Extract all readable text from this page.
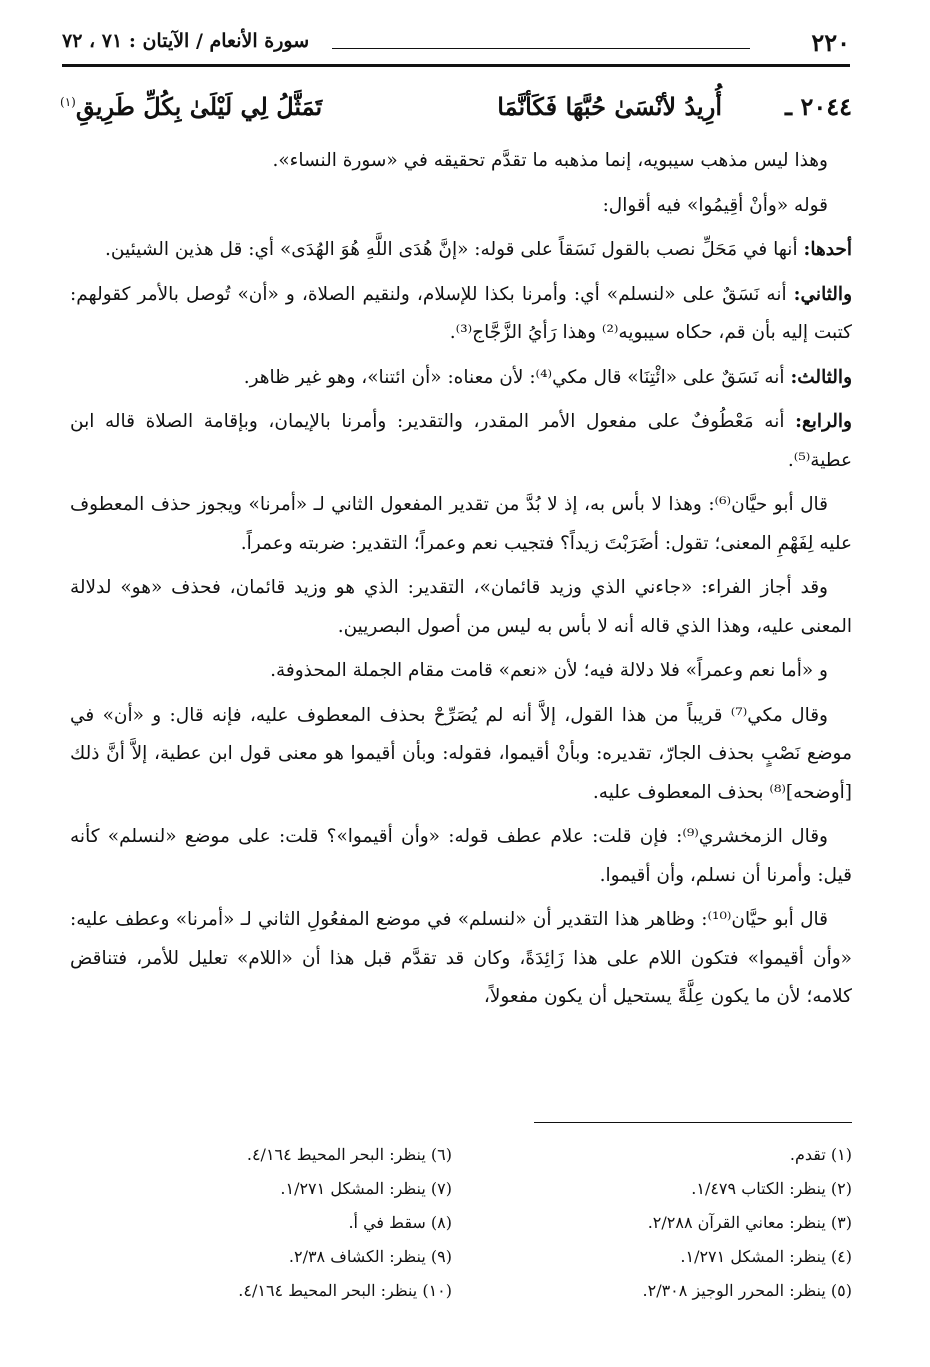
٢٢٠
سورة الأنعام / الآيتان : ٧١ ، ٧٢
٢٠٤٤ ـ
أُرِيدُ لأنْسَىٰ حُبَّهَا فَكَأنَّمَا
تَمَثَّلُ لِي لَيْلَىٰ بِكُلِّ طَرِيقِ$^{(١)}$

وهذا ليس مذهب سيبويه، إنما مذهبه ما تقدَّم تحقيقه في «سورة النساء».

قوله «وأنْ أقِيمُوا» فيه أقوال:

أحدها: أنها في مَحَلِّ نصب بالقول نَسَقاً على قوله: «إنَّ هُدَى اللَّهِ هُوَ الهُدَى» أي: قل هذين الشيئين.

والثاني: أنه نَسَقٌ على «لنسلم» أي: وأمرنا بكذا للإسلام، ولنقيم الصلاة، و «أن» تُوصل بالأمر كقولهم: كتبت إليه بأن قم، حكاه سيبويه⁽²⁾ وهذا رَأيُ الزَّجَّاج⁽³⁾.

والثالث: أنه نَسَقٌ على «ائْتِنَا» قال مكي⁽⁴⁾: لأن معناه: «أن ائتنا»، وهو غير ظاهر.

والرابع: أنه مَعْطُوفٌ على مفعول الأمر المقدر، والتقدير: وأمرنا بالإيمان، وبإقامة الصلاة قاله ابن عطية⁽⁵⁾.

قال أبو حيَّان⁽⁶⁾: وهذا لا بأس به، إذ لا بُدَّ من تقدير المفعول الثاني لـ «أمرنا» ويجوز حذف المعطوف عليه لِفَهْمِ المعنى؛ تقول: أضَرَبْتَ زيداً؟ فتجيب نعم وعمراً؛ التقدير: ضربته وعمراً.

وقد أجاز الفراء: «جاءني الذي وزيد قائمان»، التقدير: الذي هو وزيد قائمان، فحذف «هو» لدلالة المعنى عليه، وهذا الذي قاله أنه لا بأس به ليس من أصول البصريين.

و «أما نعم وعمراً» فلا دلالة فيه؛ لأن «نعم» قامت مقام الجملة المحذوفة.

وقال مكي⁽⁷⁾ قريباً من هذا القول، إلاَّ أنه لم يُصَرِّحْ بحذف المعطوف عليه، فإنه قال: و «أن» في موضع نَصْبٍ بحذف الجارّ، تقديره: وبأنْ أقيموا، فقوله: وبأن أقيموا هو معنى قول ابن عطية، إلاَّ أنَّ ذلك [أوضحه]⁽⁸⁾ بحذف المعطوف عليه.

وقال الزمخشري⁽⁹⁾: فإن قلت: علام عطف قوله: «وأن أقيموا»؟ قلت: على موضع «لنسلم» كأنه قيل: وأمرنا أن نسلم، وأن أقيموا.

قال أبو حيَّان⁽¹⁰⁾: وظاهر هذا التقدير أن «لنسلم» في موضع المفعُولِ الثاني لـ «أمرنا» وعطف عليه: «وأن أقيموا» فتكون اللام على هذا زَائِدَةً، وكان قد تقدَّم قبل هذا أن «اللام» تعليل للأمر، فتناقض كلامه؛ لأن ما يكون عِلَّةً يستحيل أن يكون مفعولاً،

(١) تقدم.
(٢) ينظر: الكتاب ١/٤٧٩.
(٣) ينظر: معاني القرآن ٢/٢٨٨.
(٤) ينظر: المشكل ١/٢٧١.
(٥) ينظر: المحرر الوجيز ٢/٣٠٨.
(٦) ينظر: البحر المحيط ٤/١٦٤.
(٧) ينظر: المشكل ١/٢٧١.
(٨) سقط في أ.
(٩) ينظر: الكشاف ٢/٣٨.
(١٠) ينظر: البحر المحيط ٤/١٦٤.
